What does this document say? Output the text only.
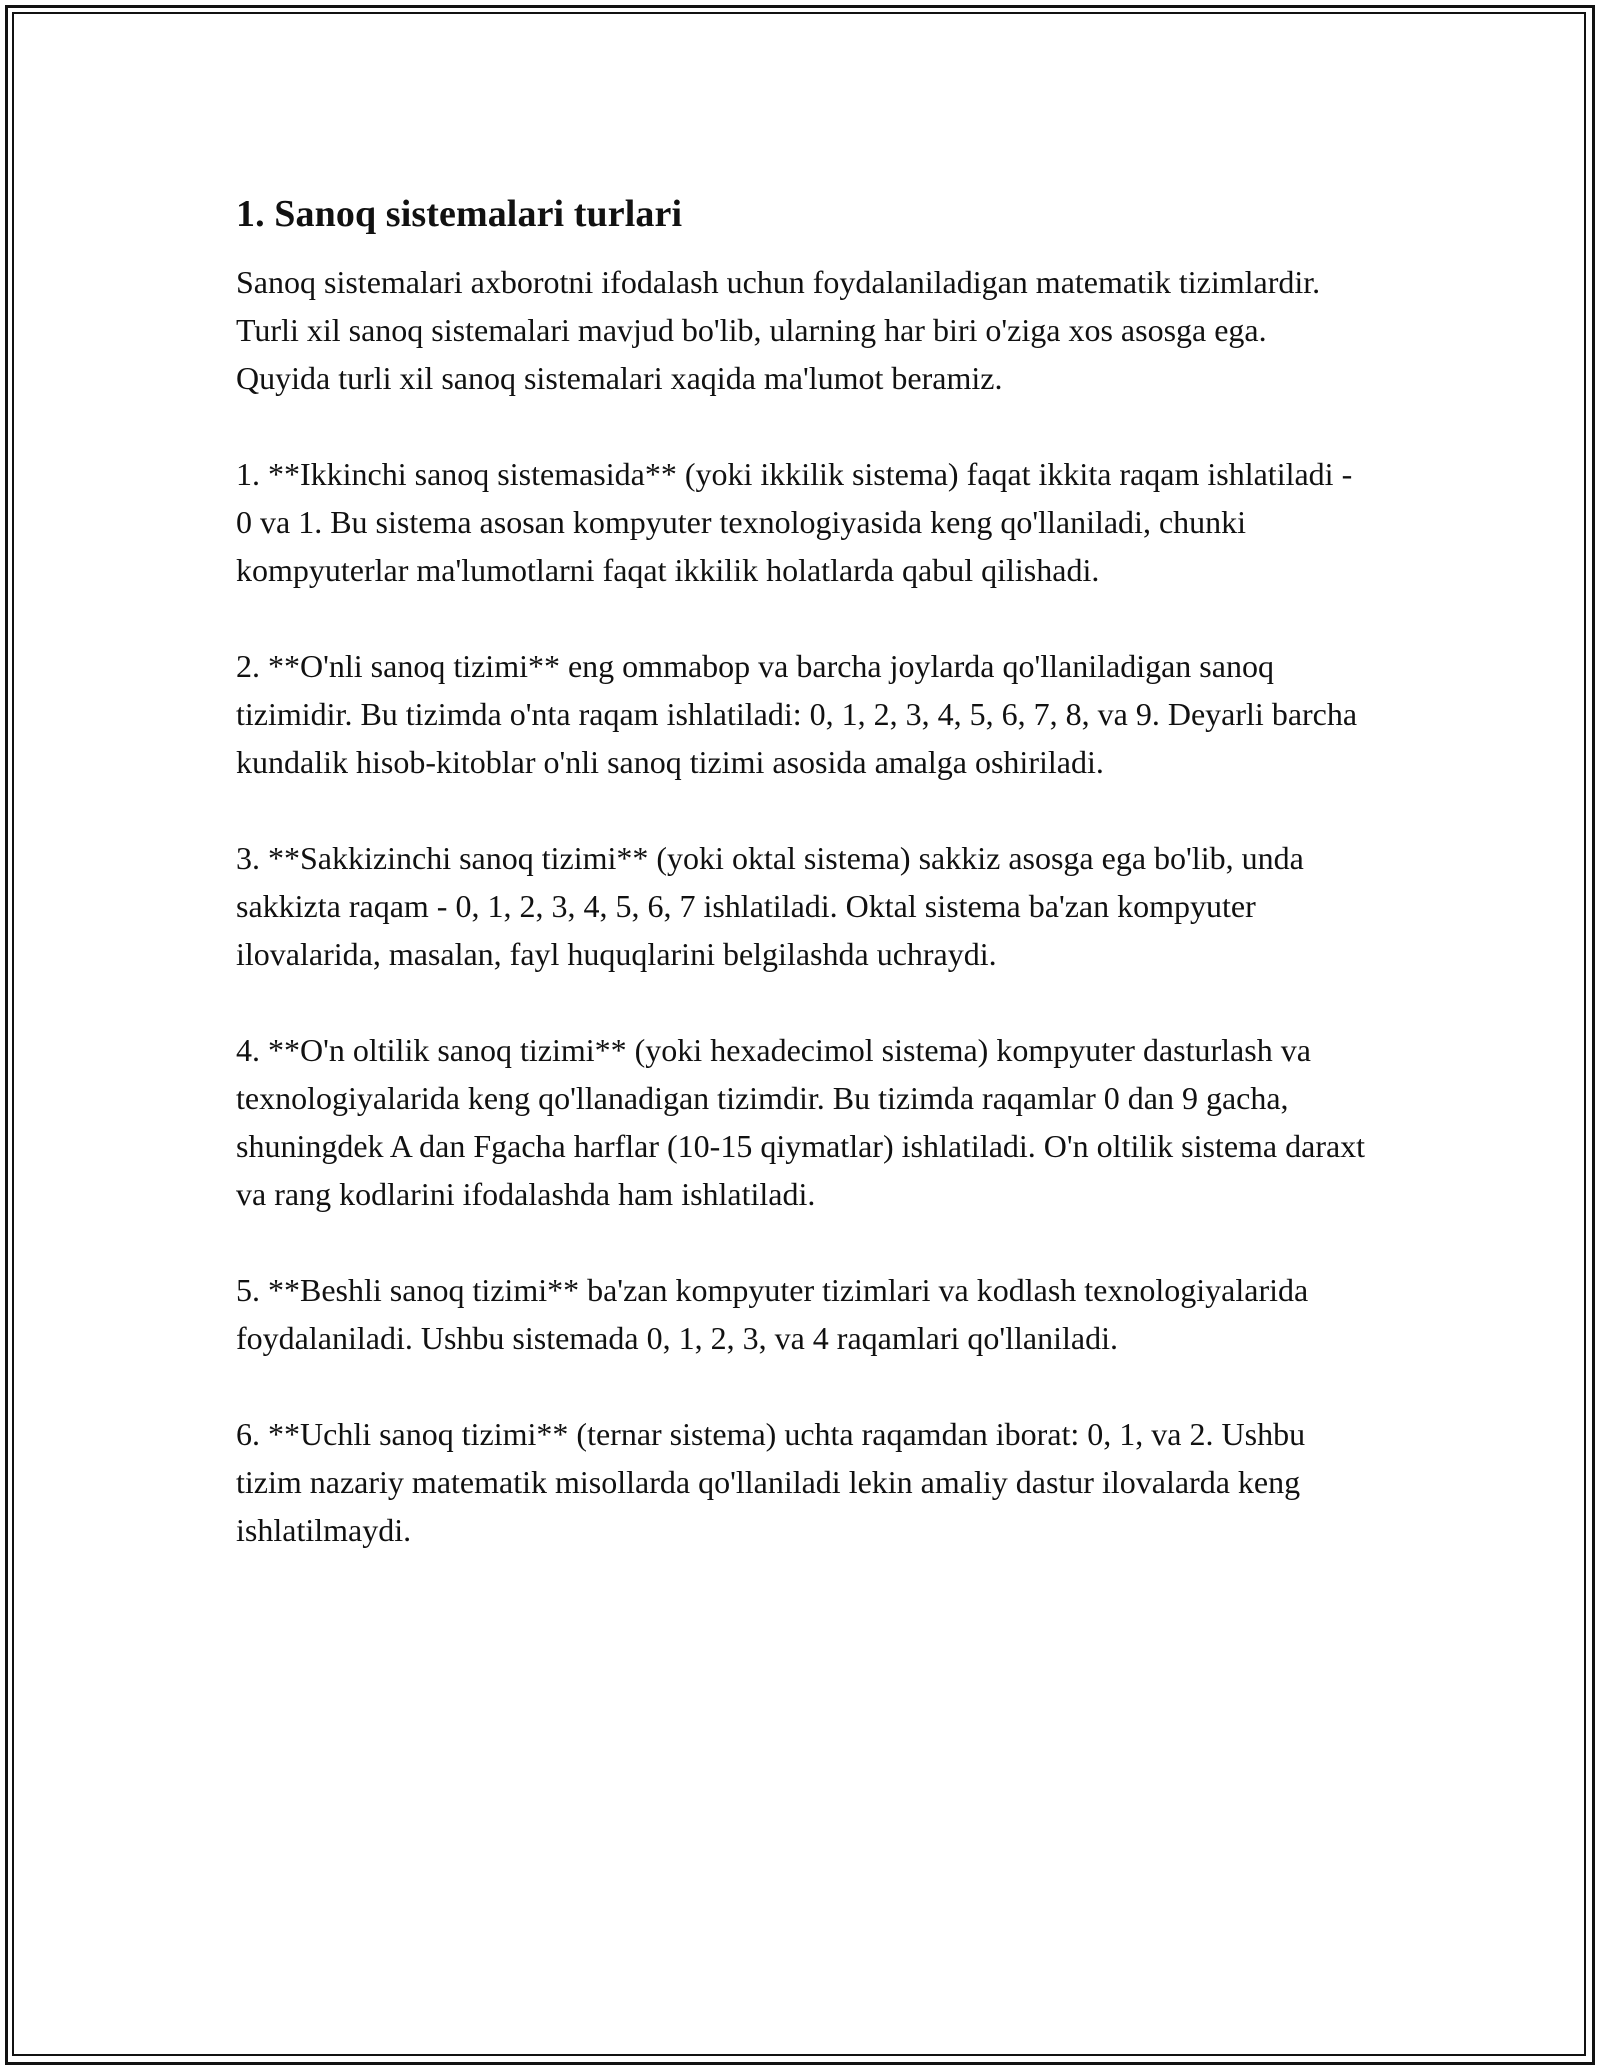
1. Sanoq sistemalari turlari

Sanoq sistemalari axborotni ifodalash uchun foydalaniladigan matematik tizimlardir. Turli xil sanoq sistemalari mavjud bo'lib, ularning har biri o'ziga xos asosga ega. Quyida turli xil sanoq sistemalari xaqida ma'lumot beramiz.

1. **Ikkinchi sanoq sistemasida** (yoki ikkilik sistema) faqat ikkita raqam ishlatiladi - 0 va 1. Bu sistema asosan kompyuter texnologiyasida keng qo'llaniladi, chunki kompyuterlar ma'lumotlarni faqat ikkilik holatlarda qabul qilishadi.

2. **O'nli sanoq tizimi** eng ommabop va barcha joylarda qo'llaniladigan sanoq tizimidir. Bu tizimda o'nta raqam ishlatiladi: 0, 1, 2, 3, 4, 5, 6, 7, 8, va 9. Deyarli barcha kundalik hisob-kitoblar o'nli sanoq tizimi asosida amalga oshiriladi.

3. **Sakkizinchi sanoq tizimi** (yoki oktal sistema) sakkiz asosga ega bo'lib, unda sakkizta raqam - 0, 1, 2, 3, 4, 5, 6, 7 ishlatiladi. Oktal sistema ba'zan kompyuter ilovalarida, masalan, fayl huquqlarini belgilashda uchraydi.

4. **O'n oltilik sanoq tizimi** (yoki hexadecimol sistema) kompyuter dasturlash va texnologiyalarida keng qo'llanadigan tizimdir. Bu tizimda raqamlar 0 dan 9 gacha, shuningdek A dan Fgacha harflar (10-15 qiymatlar) ishlatiladi. O'n oltilik sistema daraxt va rang kodlarini ifodalashda ham ishlatiladi.

5. **Beshli sanoq tizimi** ba'zan kompyuter tizimlari va kodlash texnologiyalarida foydalaniladi. Ushbu sistemada 0, 1, 2, 3, va 4 raqamlari qo'llaniladi.

6. **Uchli sanoq tizimi** (ternar sistema) uchta raqamdan iborat: 0, 1, va 2. Ushbu tizim nazariy matematik misollarda qo'llaniladi lekin amaliy dastur ilovalarda keng ishlatilmaydi.
